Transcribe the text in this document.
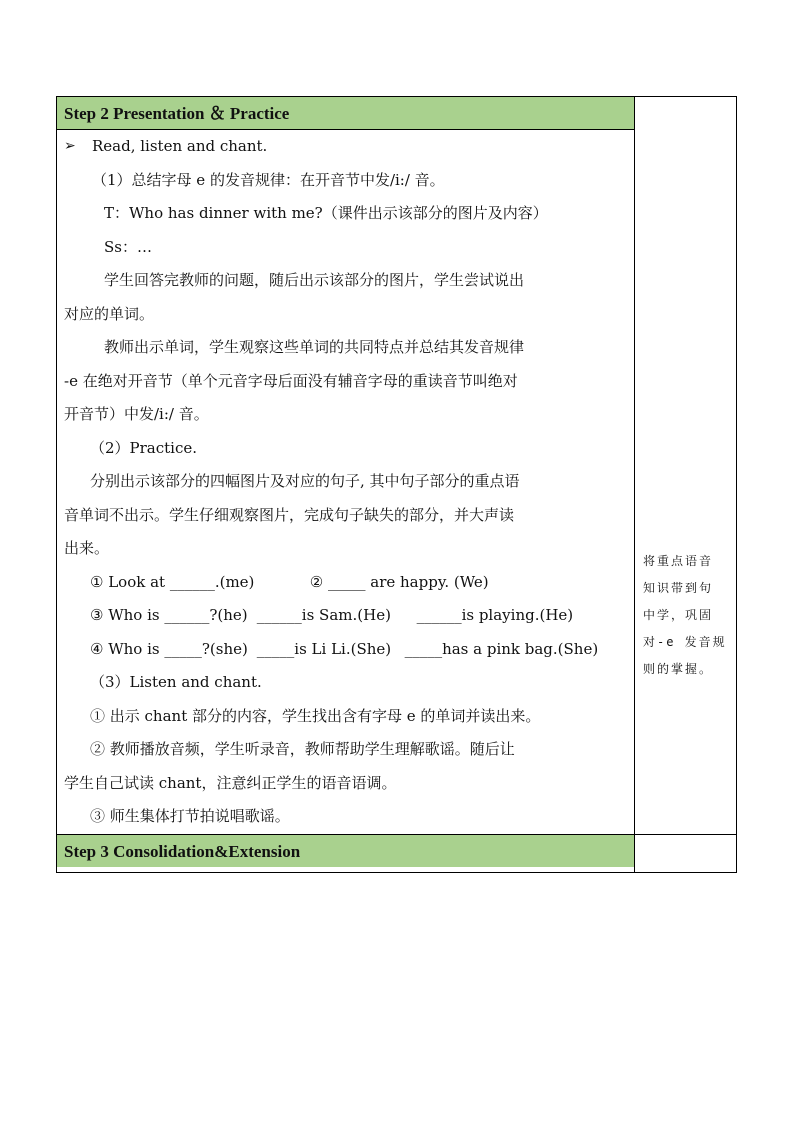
Step 2 Presentation ＆ Practice
➢	Read, listen and chant.
（1）总结字母 e 的发音规律：在开音节中发/i:/ 音。
T：Who has dinner with me?（课件出示该部分的图片及内容）
Ss：…
学生回答完教师的问题，随后出示该部分的图片，学生尝试说出
对应的单词。
教师出示单词，学生观察这些单词的共同特点并总结其发音规律
-e 在绝对开音节（单个元音字母后面没有辅音字母的重读音节叫绝对
开音节）中发/i:/ 音。
（2）Practice.
分别出示该部分的四幅图片及对应的句子, 其中句子部分的重点语
音单词不出示。学生仔细观察图片，完成句子缺失的部分，并大声读
出来。
① Look at ______.(me)	② _____ are happy. (We)
③ Who is ______?(he) ______is Sam.(He) ______is playing.(He)
④ Who is _____?(she) _____is Li Li.(She) _____has a pink bag.(She)
（3）Listen and chant.
① 出示 chant 部分的内容，学生找出含有字母 e 的单词并读出来。
② 教师播放音频，学生听录音，教师帮助学生理解歌谣。随后让
学生自己试读 chant，注意纠正学生的语音语调。
③ 师生集体打节拍说唱歌谣。
Step 3 Consolidation&Extension
将重点语音
知识带到句
中学，巩固
对-e 发音规
则的掌握。
